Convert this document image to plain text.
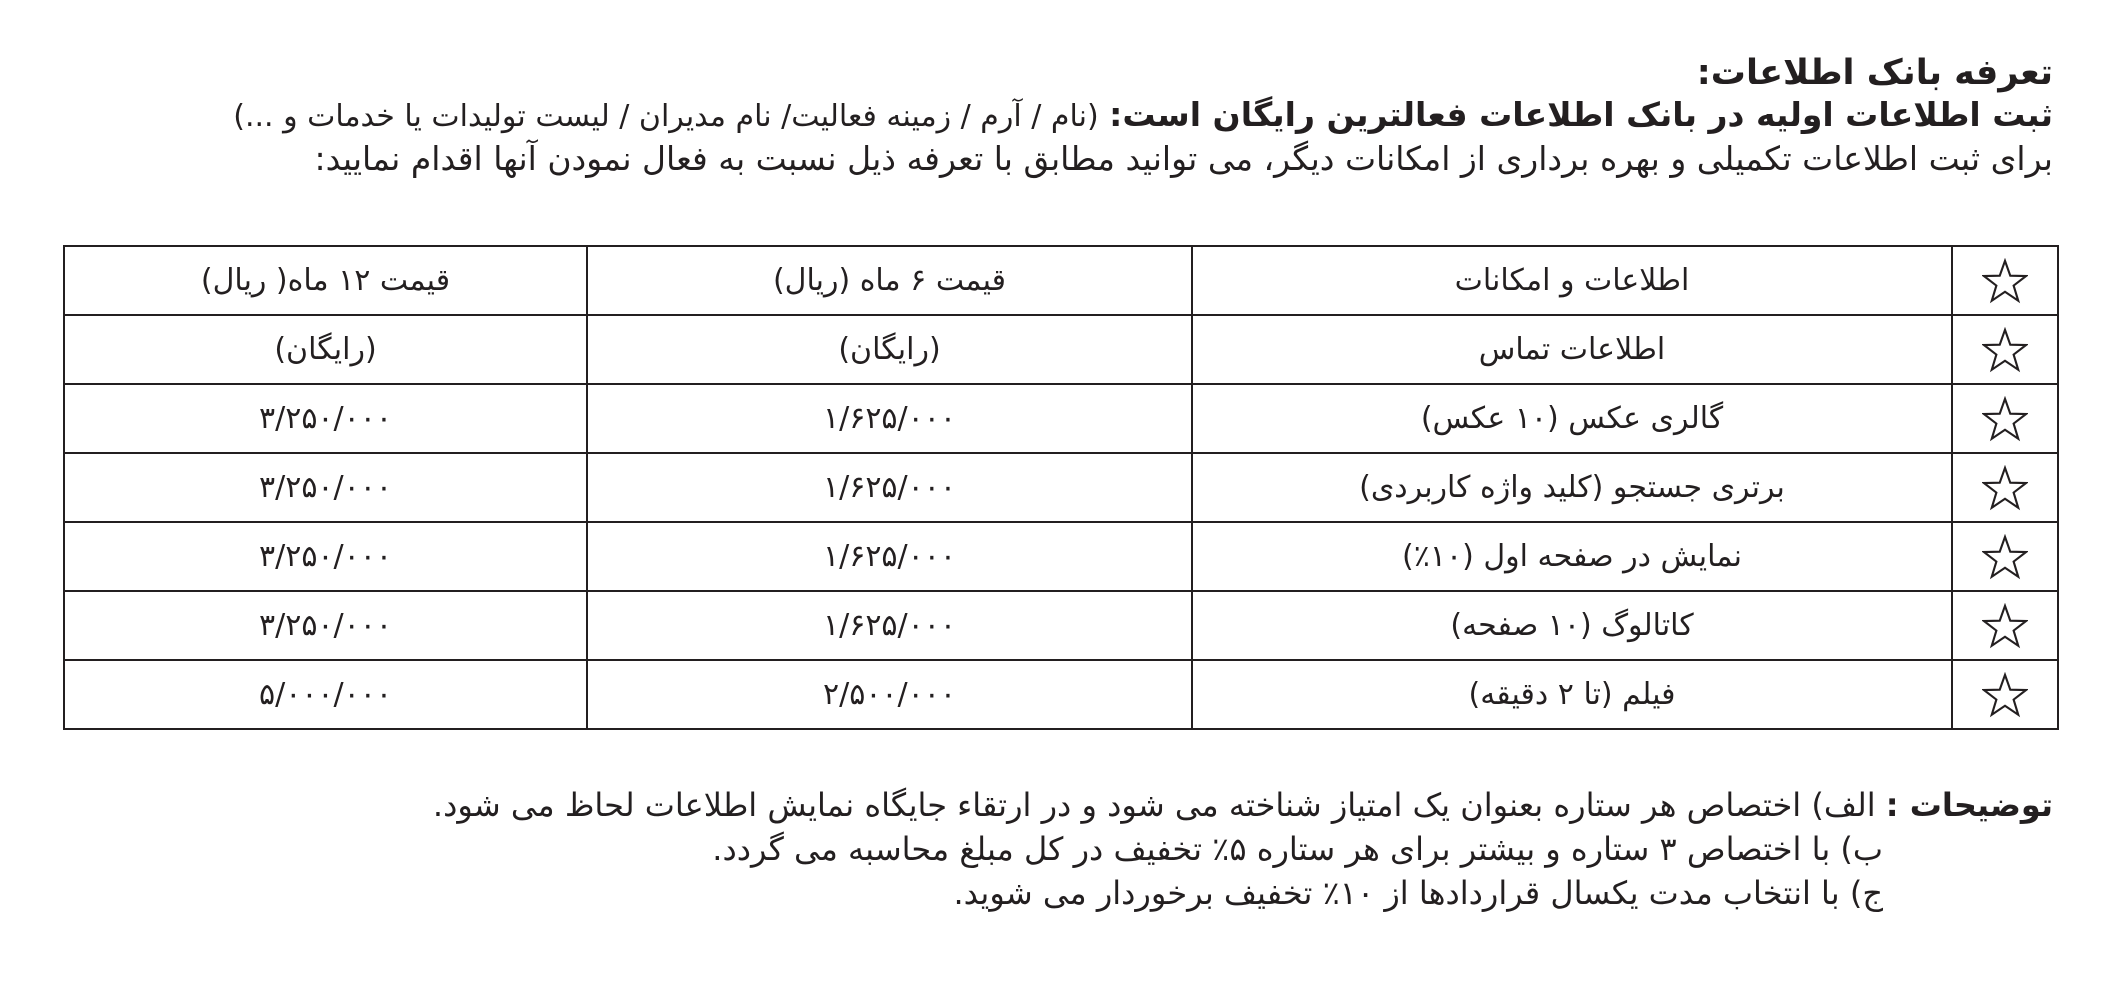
تعرفه بانک اطلاعات:
ثبت اطلاعات اولیه در بانک اطلاعات فعالترین رایگان است: (نام / آرم / زمینه فعالیت/ نام مدیران / لیست تولیدات یا خدمات و ...)
برای ثبت اطلاعات تکمیلی و بهره برداری از امکانات دیگر، می توانید مطابق با تعرفه ذیل نسبت به فعال نمودن آنها اقدام نمایید:
	اطلاعات و امکانات	قیمت ۶ ماه (ریال)	قیمت ۱۲ ماه( ریال)

	اطلاعات تماس	(رایگان)	(رایگان)

	گالری عکس (۱۰ عکس)	۱/۶۲۵/۰۰۰	۳/۲۵۰/۰۰۰

	برتری جستجو (کلید واژه کاربردی)	۱/۶۲۵/۰۰۰	۳/۲۵۰/۰۰۰

	نمایش در صفحه اول (۱۰٪)	۱/۶۲۵/۰۰۰	۳/۲۵۰/۰۰۰

	کاتالوگ (۱۰ صفحه)	۱/۶۲۵/۰۰۰	۳/۲۵۰/۰۰۰

	فیلم (تا ۲ دقیقه)	۲/۵۰۰/۰۰۰	۵/۰۰۰/۰۰۰
توضیحات : الف) اختصاص هر ستاره بعنوان یک امتیاز شناخته می شود و در ارتقاء جایگاه نمایش اطلاعات لحاظ می شود.
ب) با اختصاص ۳ ستاره و بیشتر برای هر ستاره ۵٪ تخفیف در کل مبلغ محاسبه می گردد.
ج) با انتخاب مدت یکسال قراردادها از ۱۰٪ تخفیف برخوردار می شوید.
